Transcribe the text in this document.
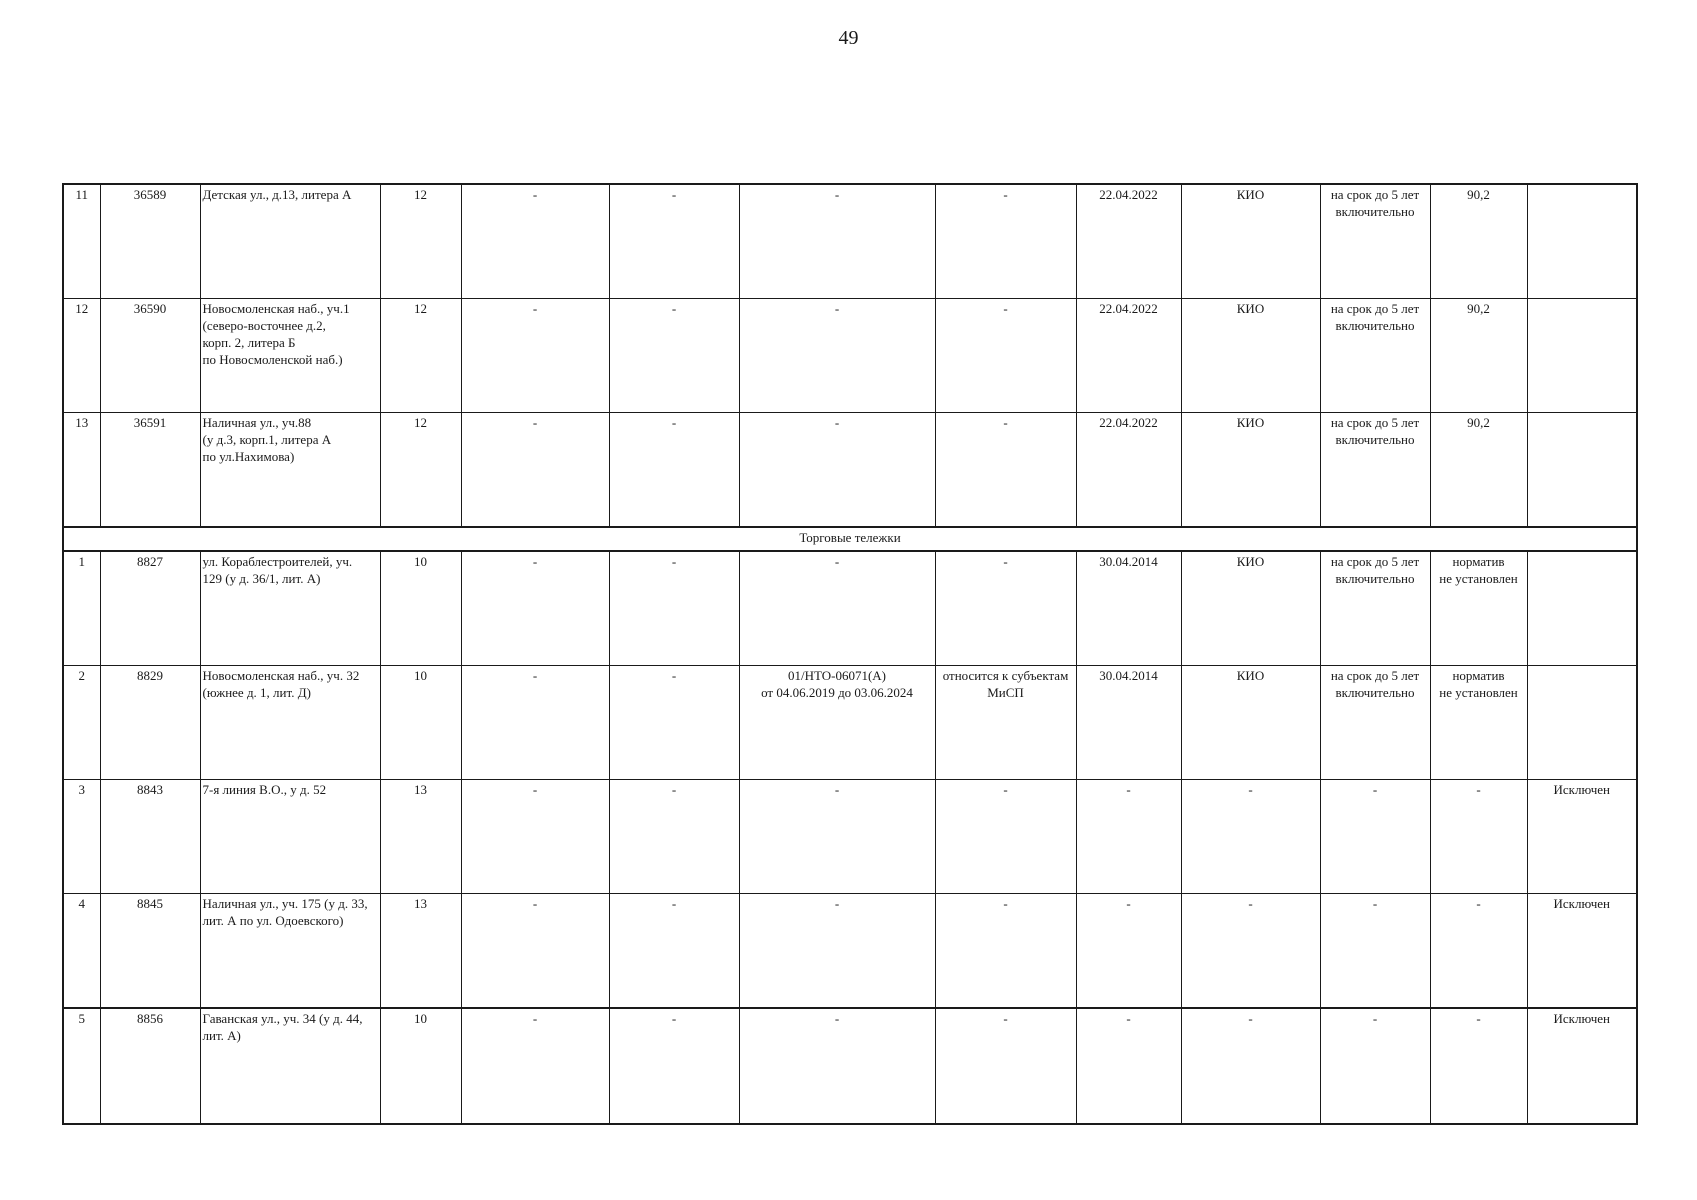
49
11	36589	Детская ул., д.13, литера А	12	-	-	-	-	22.04.2022	КИО	на срок до 5 лет
включительно	90,2	
12	36590	Новосмоленская наб., уч.1
(северо-восточнее д.2,
корп. 2, литера Б
по Новосмоленской наб.)	12	-	-	-	-	22.04.2022	КИО	на срок до 5 лет
включительно	90,2	
13	36591	Наличная ул., уч.88
(у д.3, корп.1, литера А
по ул.Нахимова)	12	-	-	-	-	22.04.2022	КИО	на срок до 5 лет
включительно	90,2	
Торговые тележки												
1	8827	ул. Кораблестроителей, уч.
129 (у д. 36/1, лит. А)	10	-	-	-	-	30.04.2014	КИО	на срок до 5 лет
включительно	норматив
не установлен	
2	8829	Новосмоленская наб., уч. 32
(южнее д. 1, лит. Д)	10	-	-	01/НТО-06071(А)
от 04.06.2019 до 03.06.2024	относится к субъектам
МиСП	30.04.2014	КИО	на срок до 5 лет
включительно	норматив
не установлен	
3	8843	7-я линия В.О., у д. 52	13	-	-	-	-	-	-	-	-	Исключен
4	8845	Наличная ул., уч. 175 (у д. 33,
лит. А по ул. Одоевского)	13	-	-	-	-	-	-	-	-	Исключен
5	8856	Гаванская ул., уч. 34 (у д. 44,
лит. А)	10	-	-	-	-	-	-	-	-	Исключен
